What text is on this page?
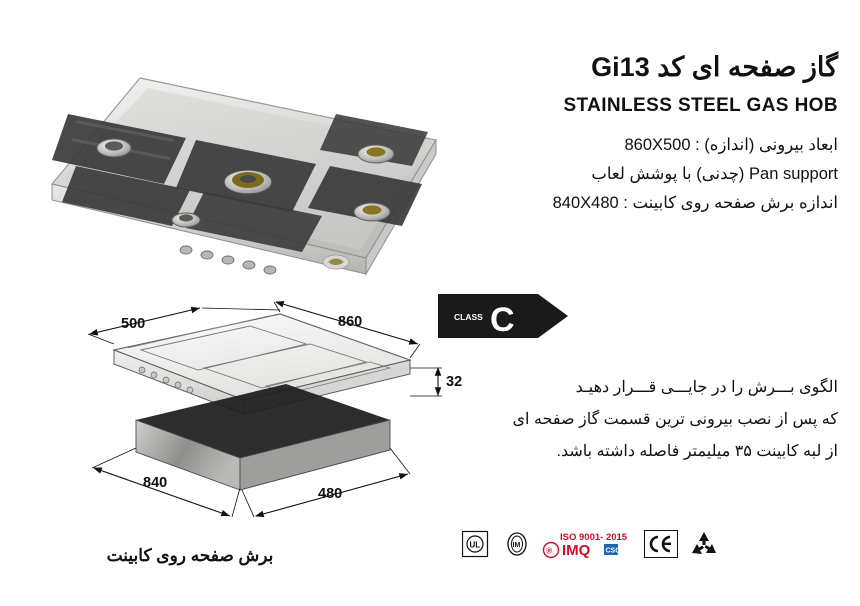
گاز صفحه ای کد Gi13
STAINLESS STEEL GAS HOB
ابعاد بیرونی (اندازه) : 860X500
Pan support (چدنی) با پوشش لعاب
اندازه برش صفحه روی کابینت : 840X480
CLASS C
الگوی بـــرش را در جایـــی قـــرار دهیـد
که پس از نصب بیرونی ترین قسمت گاز صفحه ای
از لبه کابینت ۳۵ میلیمتر فاصله داشته باشد.
ISO 9001- 2015
® IMQ CSQ
IM
UL
500	860
32
840
480
برش صفحه روی کابینت
